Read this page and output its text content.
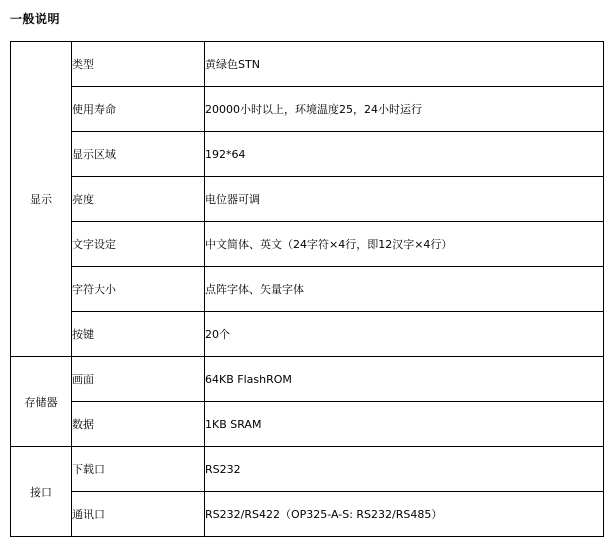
一般说明
显示	类型	黄绿色STN
	使用寿命	20000小时以上，环境温度25，24小时运行
	显示区域	192*64
	亮度	电位器可调
	文字设定	中文简体、英文（24字符×4行，即12汉字×4行）
	字符大小	点阵字体、矢量字体
	按键	20个
存储器	画面	64KB FlashROM
	数据	1KB SRAM
接口	下载口	RS232
	通讯口	RS232/RS422（OP325-A-S: RS232/RS485）
